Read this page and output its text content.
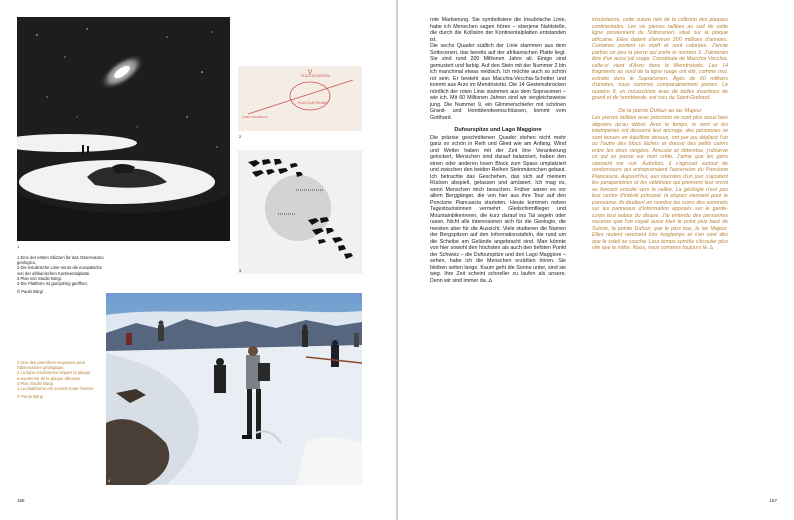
1
PLACCA EUROPEA
PLACCA AFRICANA
LINEA INSUBRICA
2
3
4
1 Eine der ersten Skizzen für das Osservatorio geologico.
2 Die Insubrische Linie trennt die europäische von der afrikanischen Kontinentalplatte.
3 Plan von Studio Bürgi.
4 Die Plattform ist ganzjährig geöffnet.
© Paolo Bürgi
1 Une des premières esquisses pour l'observatoire géologique.
2 La ligne Insubrienne sépare la plaque européenne de la plaque africaine.
3 Plan Studio Bürgi.
4 La plateforme est ouverte toute l'année.
© Paolo Bürgi
156

rote Markierung. Sie symbolisiere die Insubrische Linie, habe ich Menschen sagen hören – eberjene Nahtstelle, die durch die Kollision der Kontinentalplatten entstanden ist.

Die sechs Quader südlich der Linie stammen aus dem Sottoceneri, das bereits auf der afrikanischen Platte liegt. Sie sind rund 200 Millionen Jahre alt. Einige sind gemustert und farbig. Auf den Stein mit der Nummer 2 bin ich manchmal etwas neidisch. Ich möchte auch so schön rot sein. Er besteht aus Macchia-Vecchia-Schotter und kommt aus Arzo im Mendrisiotto. Die 14 Gesteinsbrocken nördlich der roten Linie stammen aus dem Sopraceneri – wie ich. Mit 60 Millionen Jahren sind wir vergleichsweise jung. Die Nummer 9, ein Glimmerschiefer mit schönen Granit- und Hornblendeeinschlüssen, kommt vom Gotthard.

Dufourspitze und Lago Maggiore

Die präzise geschnittenen Quader stehen nicht mehr ganz so schön in Reih und Glied wie am Anfang. Wind und Wetter haben mit der Zeit ihre Verankerung gelockert, Menschen sind darauf balanciert, haben den einen oder anderen losen Block zum Spass umplatziert und zwischen den beiden Reihen Steinmännchen gebaut. Ich betrachte das Geschehen, das sich auf meinem Rücken abspielt, gelassen und amüsiert. Ich mag es, wenn Menschen mich besuchen. Früher waren es vor allem Berggänger, die von hier aus ihre Tour auf den Poncione Piancascia starteten. Heute kommen neben Tagestouristinnen vermehrt Gleitschirmflieger und Mountainbikerinnen, die kurz darauf ins Tal segeln oder rasen. Nicht alle interessieren sich für die Geologie, die meisten aber für die Aussicht. Viele studieren die Namen der Bergspitzen auf den Informationstafeln, die rund um die Scheibe am Gelände angebracht sind. Man könnte von hier sowohl den höchsten als auch den tiefsten Punkt der Schweiz – die Dufourspitze und den Lago Maggiore – sehen, habe ich die Menschen erzählen hören. Sie bleiben selten lange. Kaum geht die Sonne unter, sind sie weg. Ihre Zeit scheint schneller zu laufen als unsere. Denn wir sind immer da. ∆

insubrienne, cette suture née de la collision des plaques continentales. Les six pierres taillées au sud de cette ligne proviennent du Sottoceneri, situé sur la plaque africaine. Elles datent d'environ 200 millions d'années. Certaines portent un motif et sont colorées. J'envie parfois un peu la pierre qui porte le numéro 2. J'aimerais être d'un aussi joli rouge. Constituée de Macchia Vecchia, celle-ci vient d'Arzo dans le Mendrisiotto. Les 14 fragments au nord de la ligne rouge ont été, comme moi, extraits dans le Sopraceneri. Âgés de 60 millions d'années, nous sommes comparativement jeunes. Le numéro 9, un micaschiste avec de belles insertions de granit et de hornblende, est issu du Saint-Gothard.

De la pointe Dufour au lac Majeur

Les pierres taillées avec précision ne sont plus aussi bien alignées qu'au début. Avec le temps, le vent et les intempéries ont desserré leur ancrage, des personnes se sont tenues en équilibre dessus, ont par jeu déplacé l'un ou l'autre des blocs lâches et dressé des petits cairns entre les deux rangées. Amusée et détendue, j'observe ce qui se passe sur mon crête. J'aime que les gens viennent me voir. Autrefois, il s'agissait surtout de randonneurs qui entreprenaient l'ascension du Poncione Piancascia. Aujourd'hui, aux touristes d'un jour s'ajoutent les parapentistes et les vététistes qui prennent leur envol ou foncent ensuite vers la vallée. La géologie n'est pas leur centre d'intérêt principal, la plupart viennent pour le panorama. Ils étudient en nombre les noms des sommets sur les panneaux d'information apposés sur le garde-corps tout autour du disque. J'ai entendu des personnes raconter que l'on voyait aussi bien le point plus haut de Suisse, la pointe Dufour, que le plus bas, le lac Majeur. Elles restent rarement très longtemps et s'en vont dès que le soleil se couche. Leur temps semble s'écouler plus vite que le nôtre. Nous, nous sommes toujours là. ∆

157
